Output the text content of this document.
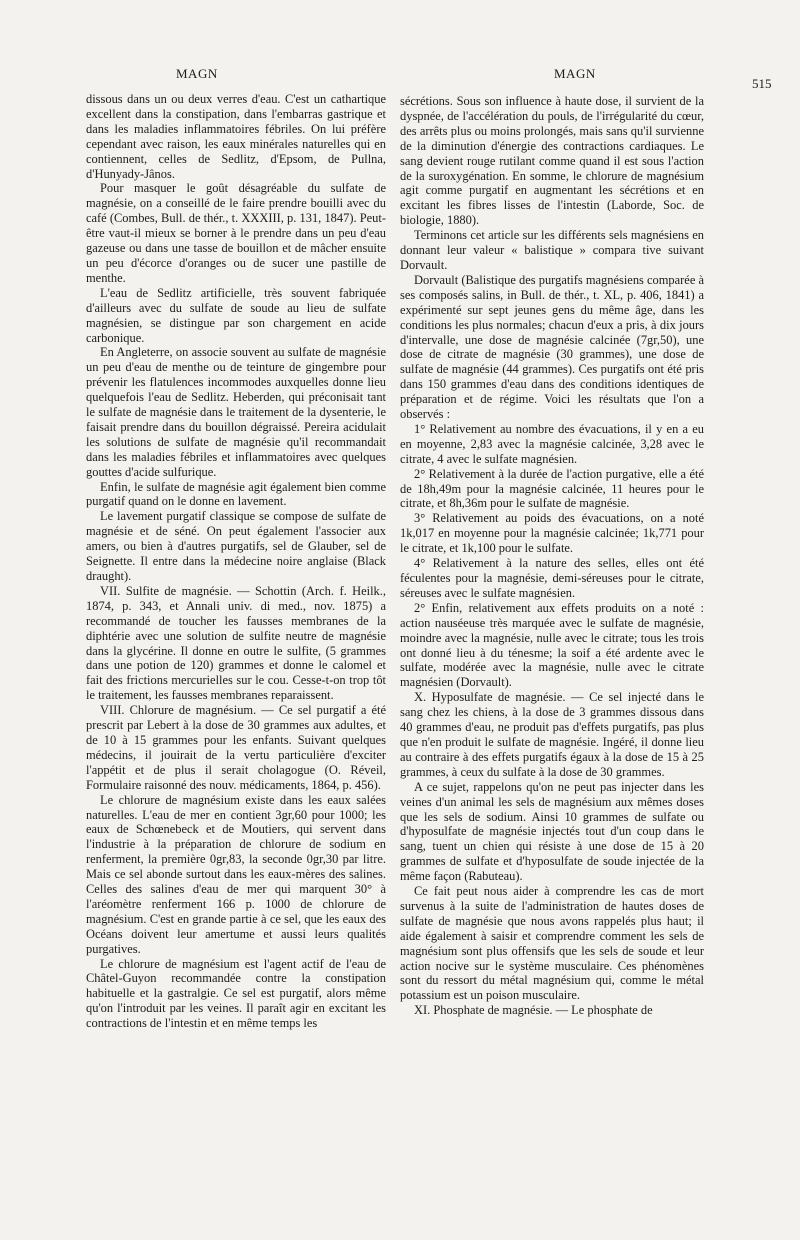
MAGN	MAGN
515

dissous dans un ou deux verres d'eau. C'est un cathartique excellent dans la constipation, dans l'embarras gastrique et dans les maladies inflammatoires fébriles. On lui préfère cependant avec raison, les eaux minérales naturelles qui en contiennent, celles de Sedlitz, d'Epsom, de Pullna, d'Hunyady-Jânos.

Pour masquer le goût désagréable du sulfate de magnésie, on a conseillé de le faire prendre bouilli avec du café (Combes, Bull. de thér., t. XXXIII, p. 131, 1847). Peut-être vaut-il mieux se borner à le prendre dans un peu d'eau gazeuse ou dans une tasse de bouillon et de mâcher ensuite un peu d'écorce d'oranges ou de sucer une pastille de menthe.

L'eau de Sedlitz artificielle, très souvent fabriquée d'ailleurs avec du sulfate de soude au lieu de sulfate magnésien, se distingue par son chargement en acide carbonique.

En Angleterre, on associe souvent au sulfate de magnésie un peu d'eau de menthe ou de teinture de gingembre pour prévenir les flatulences incommodes auxquelles donne lieu quelquefois l'eau de Sedlitz. Heberden, qui préconisait tant le sulfate de magnésie dans le traitement de la dysenterie, le faisait prendre dans du bouillon dégraissé. Pereira acidulait les solutions de sulfate de magnésie qu'il recommandait dans les maladies fébriles et inflammatoires avec quelques gouttes d'acide sulfurique.

Enfin, le sulfate de magnésie agit également bien comme purgatif quand on le donne en lavement.

Le lavement purgatif classique se compose de sulfate de magnésie et de séné. On peut également l'associer aux amers, ou bien à d'autres purgatifs, sel de Glauber, sel de Seignette. Il entre dans la médecine noire anglaise (Black draught).

VII. Sulfite de magnésie. — Schottin (Arch. f. Heilk., 1874, p. 343, et Annali univ. di med., nov. 1875) a recommandé de toucher les fausses membranes de la diphtérie avec une solution de sulfite neutre de magnésie dans la glycérine. Il donne en outre le sulfite, (5 grammes dans une potion de 120) grammes et donne le calomel et fait des frictions mercurielles sur le cou. Cesse-t-on trop tôt le traitement, les fausses membranes reparaissent.

VIII. Chlorure de magnésium. — Ce sel purgatif a été prescrit par Lebert à la dose de 30 grammes aux adultes, et de 10 à 15 grammes pour les enfants. Suivant quelques médecins, il jouirait de la vertu particulière d'exciter l'appétit et de plus il serait cholagogue (O. Réveil, Formulaire raisonné des nouv. médicaments, 1864, p. 456).

Le chlorure de magnésium existe dans les eaux salées naturelles. L'eau de mer en contient 3gr,60 pour 1000; les eaux de Schœnebeck et de Moutiers, qui servent dans l'industrie à la préparation de chlorure de sodium en renferment, la première 0gr,83, la seconde 0gr,30 par litre. Mais ce sel abonde surtout dans les eaux-mères des salines. Celles des salines d'eau de mer qui marquent 30° à l'aréomètre renferment 166 p. 1000 de chlorure de magnésium. C'est en grande partie à ce sel, que les eaux des Océans doivent leur amertume et aussi leurs qualités purgatives.

Le chlorure de magnésium est l'agent actif de l'eau de Châtel-Guyon recommandée contre la constipation habituelle et la gastralgie. Ce sel est purgatif, alors même qu'on l'introduit par les veines. Il paraît agir en excitant les contractions de l'intestin et en même temps les

sécrétions. Sous son influence à haute dose, il survient de la dyspnée, de l'accélération du pouls, de l'irrégularité du cœur, des arrêts plus ou moins prolongés, mais sans qu'il survienne de la diminution d'énergie des contractions cardiaques. Le sang devient rouge rutilant comme quand il est sous l'action de la suroxygénation. En somme, le chlorure de magnésium agit comme purgatif en augmentant les sécrétions et en excitant les fibres lisses de l'intestin (Laborde, Soc. de biologie, 1880).

Terminons cet article sur les différents sels magnésiens en donnant leur valeur « balistique » compara tive suivant Dorvault.

Dorvault (Balistique des purgatifs magnésiens comparée à ses composés salins, in Bull. de thér., t. XL, p. 406, 1841) a expérimenté sur sept jeunes gens du même âge, dans les conditions les plus normales; chacun d'eux a pris, à dix jours d'intervalle, une dose de magnésie calcinée (7gr,50), une dose de citrate de magnésie (30 grammes), une dose de sulfate de magnésie (44 grammes). Ces purgatifs ont été pris dans 150 grammes d'eau dans des conditions identiques de préparation et de régime. Voici les résultats que l'on a observés :

1° Relativement au nombre des évacuations, il y en a eu en moyenne, 2,83 avec la magnésie calcinée, 3,28 avec le citrate, 4 avec le sulfate magnésien.

2° Relativement à la durée de l'action purgative, elle a été de 18h,49m pour la magnésie calcinée, 11 heures pour le citrate, et 8h,36m pour le sulfate de magnésie.

3° Relativement au poids des évacuations, on a noté 1k,017 en moyenne pour la magnésie calcinée; 1k,771 pour le citrate, et 1k,100 pour le sulfate.

4° Relativement à la nature des selles, elles ont été féculentes pour la magnésie, demi-séreuses pour le citrate, séreuses avec le sulfate magnésien.

2° Enfin, relativement aux effets produits on a noté : action nauséeuse très marquée avec le sulfate de magnésie, moindre avec la magnésie, nulle avec le citrate; tous les trois ont donné lieu à du ténesme; la soif a été ardente avec le sulfate, modérée avec la magnésie, nulle avec le citrate magnésien (Dorvault).

X. Hyposulfate de magnésie. — Ce sel injecté dans le sang chez les chiens, à la dose de 3 grammes dissous dans 40 grammes d'eau, ne produit pas d'effets purgatifs, pas plus que n'en produit le sulfate de magnésie. Ingéré, il donne lieu au contraire à des effets purgatifs égaux à la dose de 15 à 25 grammes, à ceux du sulfate à la dose de 30 grammes.

A ce sujet, rappelons qu'on ne peut pas injecter dans les veines d'un animal les sels de magnésium aux mêmes doses que les sels de sodium. Ainsi 10 grammes de sulfate ou d'hyposulfate de magnésie injectés tout d'un coup dans le sang, tuent un chien qui résiste à une dose de 15 à 20 grammes de sulfate et d'hyposulfate de soude injectée de la même façon (Rabuteau).

Ce fait peut nous aider à comprendre les cas de mort survenus à la suite de l'administration de hautes doses de sulfate de magnésie que nous avons rappelés plus haut; il aide également à saisir et comprendre comment les sels de magnésium sont plus offensifs que les sels de soude et leur action nocive sur le système musculaire. Ces phénomènes sont du ressort du métal magnésium qui, comme le métal potassium est un poison musculaire.

XI. Phosphate de magnésie. — Le phosphate de
